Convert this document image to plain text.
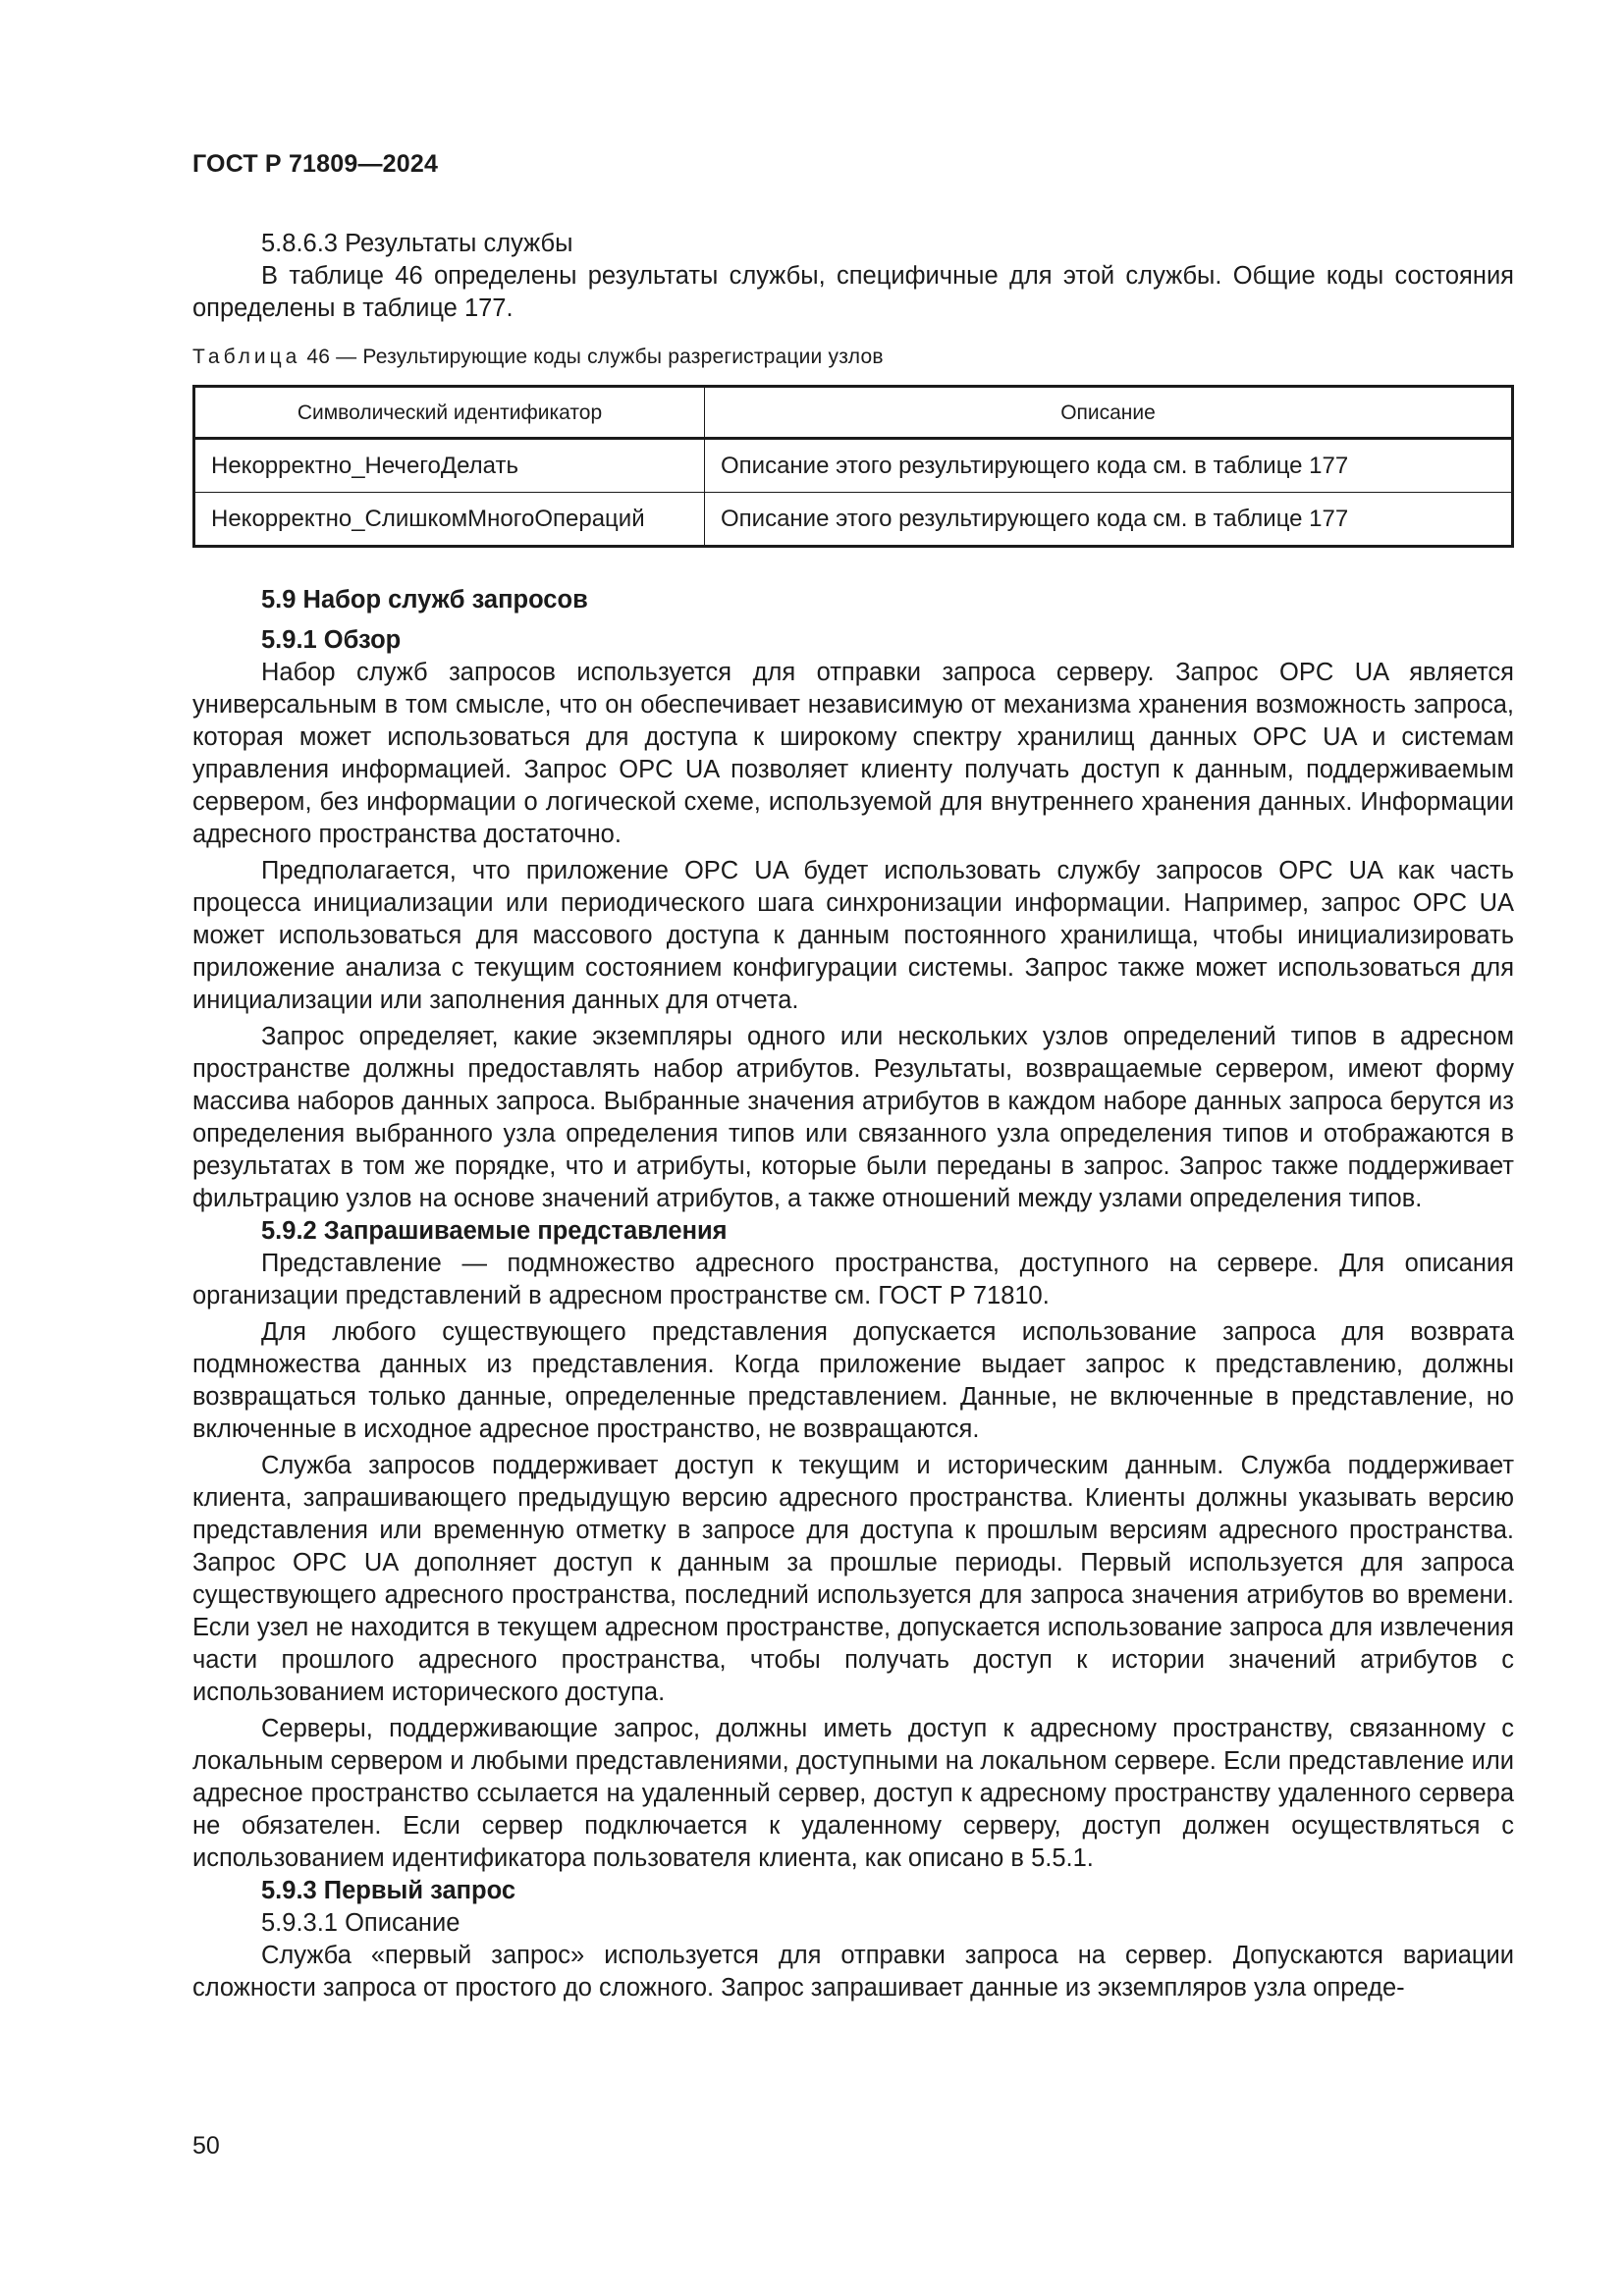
ГОСТ Р 71809—2024

5.8.6.3 Результаты службы

В таблице 46 определены результаты службы, специфичные для этой службы. Общие коды состояния определены в таблице 177.

Таблица 46 — Результирующие коды службы разрегистрации узлов
Символический идентификатор	Описание
Некорректно_НечегоДелать	Описание этого результирующего кода см. в таблице 177
Некорректно_СлишкомМногоОпераций	Описание этого результирующего кода см. в таблице 177

5.9 Набор служб запросов

5.9.1 Обзор

Набор служб запросов используется для отправки запроса серверу. Запрос OPC UA является универсальным в том смысле, что он обеспечивает независимую от механизма хранения возможность запроса, которая может использоваться для доступа к широкому спектру хранилищ данных OPC UA и системам управления информацией. Запрос OPC UA позволяет клиенту получать доступ к данным, поддерживаемым сервером, без информации о логической схеме, используемой для внутреннего хранения данных. Информации адресного пространства достаточно.

Предполагается, что приложение OPC UA будет использовать службу запросов OPC UA как часть процесса инициализации или периодического шага синхронизации информации. Например, запрос OPC UA может использоваться для массового доступа к данным постоянного хранилища, чтобы инициализировать приложение анализа с текущим состоянием конфигурации системы. Запрос также может использоваться для инициализации или заполнения данных для отчета.

Запрос определяет, какие экземпляры одного или нескольких узлов определений типов в адресном пространстве должны предоставлять набор атрибутов. Результаты, возвращаемые сервером, имеют форму массива наборов данных запроса. Выбранные значения атрибутов в каждом наборе данных запроса берутся из определения выбранного узла определения типов или связанного узла определения типов и отображаются в результатах в том же порядке, что и атрибуты, которые были переданы в запрос. Запрос также поддерживает фильтрацию узлов на основе значений атрибутов, а также отношений между узлами определения типов.

5.9.2 Запрашиваемые представления

Представление — подмножество адресного пространства, доступного на сервере. Для описания организации представлений в адресном пространстве см. ГОСТ Р 71810.

Для любого существующего представления допускается использование запроса для возврата подмножества данных из представления. Когда приложение выдает запрос к представлению, должны возвращаться только данные, определенные представлением. Данные, не включенные в представление, но включенные в исходное адресное пространство, не возвращаются.

Служба запросов поддерживает доступ к текущим и историческим данным. Служба поддерживает клиента, запрашивающего предыдущую версию адресного пространства. Клиенты должны указывать версию представления или временную отметку в запросе для доступа к прошлым версиям адресного пространства. Запрос OPC UA дополняет доступ к данным за прошлые периоды. Первый используется для запроса существующего адресного пространства, последний используется для запроса значения атрибутов во времени. Если узел не находится в текущем адресном пространстве, допускается использование запроса для извлечения части прошлого адресного пространства, чтобы получать доступ к истории значений атрибутов с использованием исторического доступа.

Серверы, поддерживающие запрос, должны иметь доступ к адресному пространству, связанному с локальным сервером и любыми представлениями, доступными на локальном сервере. Если представление или адресное пространство ссылается на удаленный сервер, доступ к адресному пространству удаленного сервера не обязателен. Если сервер подключается к удаленному серверу, доступ должен осуществляться с использованием идентификатора пользователя клиента, как описано в 5.5.1.

5.9.3 Первый запрос

5.9.3.1 Описание

Служба «первый запрос» используется для отправки запроса на сервер. Допускаются вариации сложности запроса от простого до сложного. Запрос запрашивает данные из экземпляров узла опреде-

50
